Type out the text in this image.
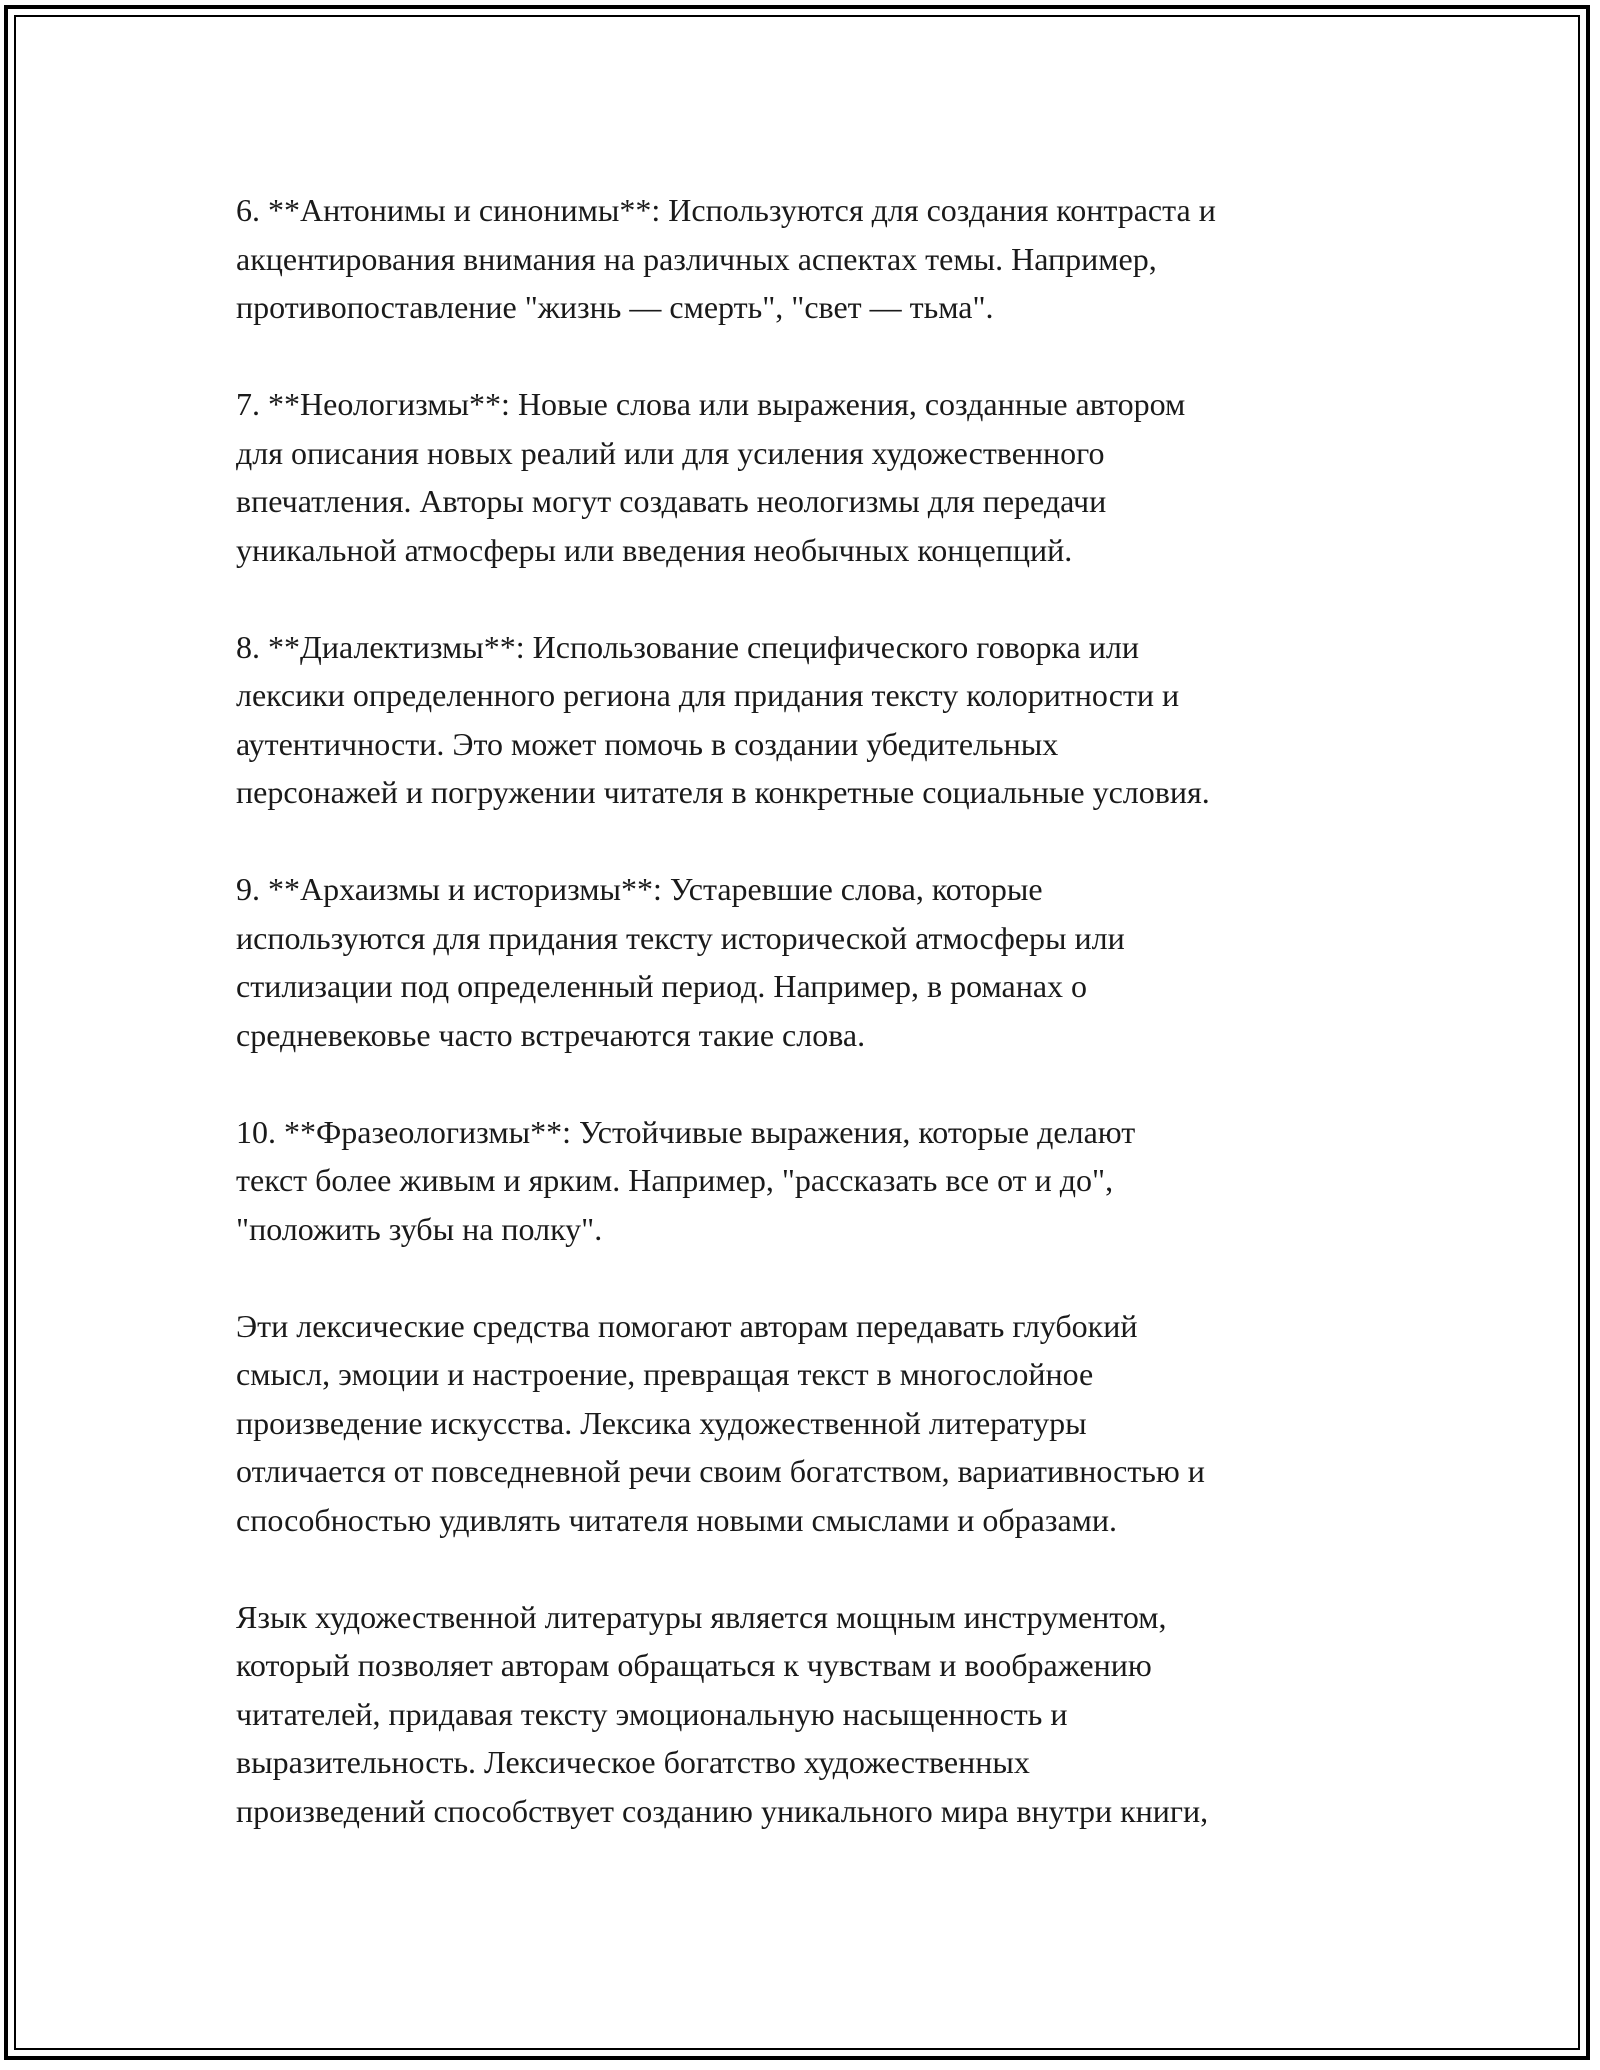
6. **Антонимы и синонимы**: Используются для создания контраста и
акцентирования внимания на различных аспектах темы. Например,
противопоставление "жизнь — смерть", "свет — тьма".

7. **Неологизмы**: Новые слова или выражения, созданные автором
для описания новых реалий или для усиления художественного
впечатления. Авторы могут создавать неологизмы для передачи
уникальной атмосферы или введения необычных концепций.

8. **Диалектизмы**: Использование специфического говорка или
лексики определенного региона для придания тексту колоритности и
аутентичности. Это может помочь в создании убедительных
персонажей и погружении читателя в конкретные социальные условия.

9. **Архаизмы и историзмы**: Устаревшие слова, которые
используются для придания тексту исторической атмосферы или
стилизации под определенный период. Например, в романах о
средневековье часто встречаются такие слова.

10. **Фразеологизмы**: Устойчивые выражения, которые делают
текст более живым и ярким. Например, "рассказать все от и до",
"положить зубы на полку".

Эти лексические средства помогают авторам передавать глубокий
смысл, эмоции и настроение, превращая текст в многослойное
произведение искусства. Лексика художественной литературы
отличается от повседневной речи своим богатством, вариативностью и
способностью удивлять читателя новыми смыслами и образами.

Язык художественной литературы является мощным инструментом,
который позволяет авторам обращаться к чувствам и воображению
читателей, придавая тексту эмоциональную насыщенность и
выразительность. Лексическое богатство художественных
произведений способствует созданию уникального мира внутри книги,
